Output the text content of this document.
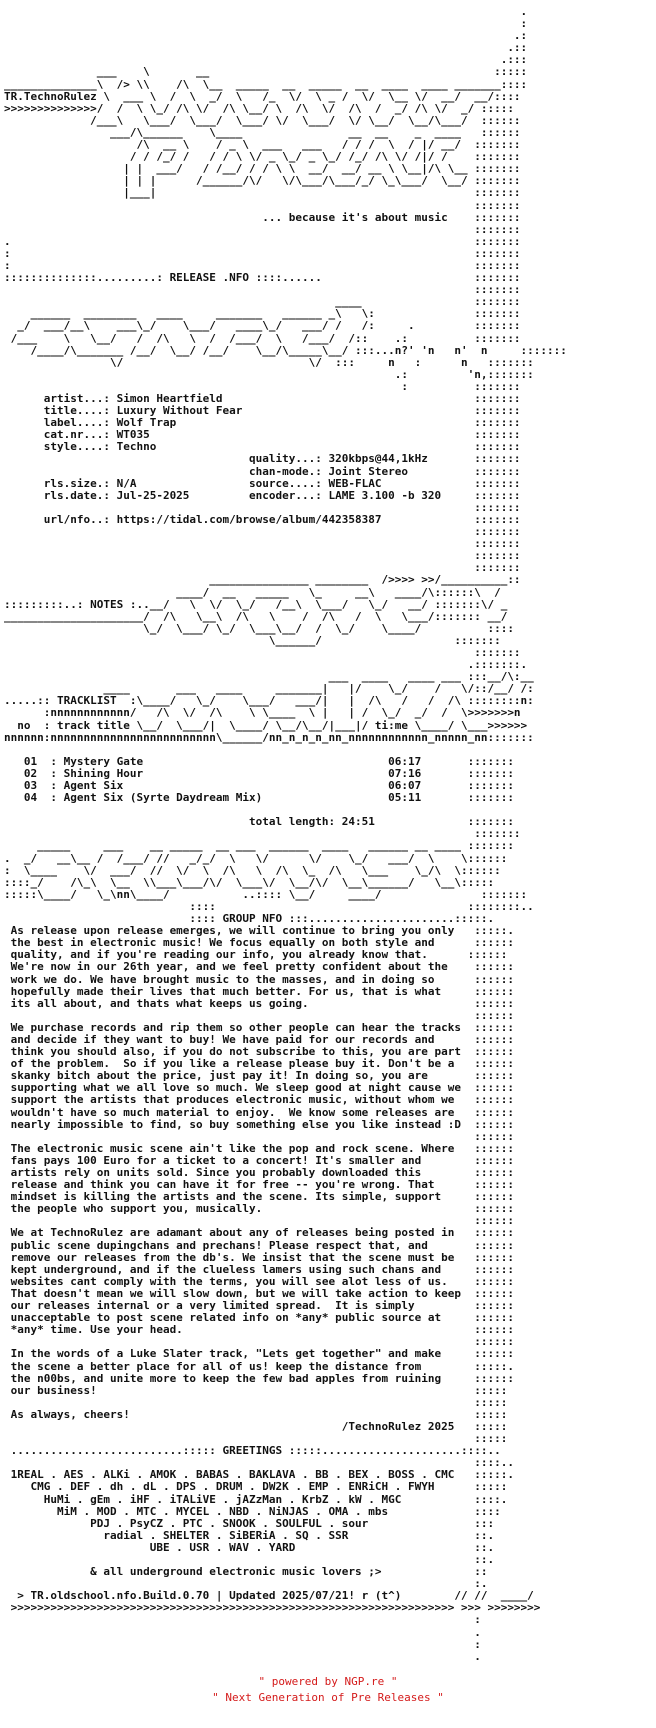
.
:
.:
.::
.:::
___    \       __                                           :::::
______________\  /> \\    /\  \__  _____  __  _____  __  ____  ____ _______::::
TR.TechnoRulez \  ___ \  /  \  _/  \   /_  \/  \ _ /  \/  \__ \/  __/  __/::::
>>>>>>>>>>>>>>/  /  \ \_/ /\ \/  /\ \__/ \  /\  \/  /\  /  _/ /\ \/  _/ :::::
/___\   \___/  \___/  \___/ \/  \___/  \/ \__/  \__/\___/  ::::::
___/\______    \____                __  __    _  ____   ::::::
/\  __ \    / _ \  ___   ___   / / /  \  / |/ __/  :::::::
/ / /_/ /   / / \ \/ _ \_/ _ \_/ /_/ /\ \/ /|/ /    :::::::
| |  ___/   / /__/ / / \ \  __/  __/ __ \ \__|/\ \__ :::::::
| | |      /______/\/   \/\___/\___/_/ \_\___/  \__/ :::::::
|___|                                                :::::::
:::::::
... because it's about music    :::::::
:::::::
.                                                                      :::::::
:                                                                      :::::::
:                                                                      :::::::
::::::::::::::.........: RELEASE .NFO ::::......                       :::::::
:::::::
____                 :::::::
______  ________   ____     _______   ______ _\   \:               :::::::
_/  ___/__\    ___\_/    \___/   ____\_/   ___/ /   /:     .         :::::::
/___    \   \__/   /  /\   \  /  /___/  \   /___/  /::    .:          :::::::
/____/\_______ /__/  \__/ /__/    \__/\_____\__/ :::...n?' 'n   n'  n     :::::::
\/                            \/  :::     n   :      n   :::::::
.:         'n,:::::::
:          :::::::
artist...: Simon Heartfield                                      :::::::
title....: Luxury Without Fear                                   :::::::
label....: Wolf Trap                                             :::::::
cat.nr...: WT035                                                 :::::::
style....: Techno                                                :::::::
quality...: 320kbps@44,1kHz       :::::::
chan-mode.: Joint Stereo          :::::::
rls.size.: N/A                 source....: WEB-FLAC              :::::::
rls.date.: Jul-25-2025         encoder...: LAME 3.100 -b 320     :::::::
:::::::
url/nfo..: https://tidal.com/browse/album/442358387              :::::::
:::::::
:::::::
:::::::
:::::::
_______________ ________  />>>> >>/__________::
____/  __   _____   \_     __\   ____/\::::::\  /
:::::::::..: NOTES :..__/   \  \/  \_/   /__\  \___/   \_/   __/ :::::::\/ _
_____________________/  /\   \__\  /\   \    /  /\   /  \   \___/::::::: __/
\_/  \___/ \_/  \___\__/  /  \_/    \____/          ::::
\______/                    :::::::
:::::::
.:::::::.
___  ____   ____ ___ :::__/\:__
____       ___   ____     _______|   |/    \_/    /   \/::/__/ /:
.....:: TRACKLIST  :\____/   \_/    \___/   ___/|   |  /\   /   /  /\ ::::::::n:
:nnnnnnnnnnnn/   /\  \/  /\    \ \____  \ |   | /  \_/  _/  /  \>>>>>>>n
no  : track title \__/  \___/|  \____/ \__/\__/|___|/ ti:me \____/ \___>>>>>>
nnnnnn:nnnnnnnnnnnnnnnnnnnnnnnnn\______/nn_n_n_n_nn_nnnnnnnnnnnn_nnnnn_nn:::::::

01  : Mystery Gate                                     06:17       :::::::
02  : Shining Hour                                     07:16       :::::::
03  : Agent Six                                        06:07       :::::::
04  : Agent Six (Syrte Daydream Mix)                   05:11       :::::::

total length: 24:51              :::::::
:::::::
_____     ___    __ _____  __ ___  ______  ____   ______ __ ____ :::::::
.  _/   __\__ /  /___/ //   _/_/  \   \/      \/    \_/   ___/  \    \::::::
:  \____    \/  ___/  //  \/  \  /\   \  /\  \_  /\   \___    \_/\  \::::::
::::_/    /\_\  \__  \\___\___/\/  \___\/  \__/\/  \__\______/   \__\:::::
:::::\____/   \_\nn\____/           ..:::: \__/     ____/               :::::::
::::                                      ::::::::..
:::: GROUP NFO :::......................:::::.
As release upon release emerges, we will continue to bring you only   :::::.
the best in electronic music! We focus equally on both style and      ::::::
quality, and if you're reading our info, you already know that.      ::::::
We're now in our 26th year, and we feel pretty confident about the    ::::::
work we do. We have brought music to the masses, and in doing so      ::::::
hopefully made their lives that much better. For us, that is what     ::::::
its all about, and thats what keeps us going.                         ::::::
::::::
We purchase records and rip them so other people can hear the tracks  ::::::
and decide if they want to buy! We have paid for our records and      ::::::
think you should also, if you do not subscribe to this, you are part  ::::::
of the problem.  So if you like a release please buy it. Don't be a   ::::::
skanky bitch about the price, just pay it! In doing so, you are       ::::::
supporting what we all love so much. We sleep good at night cause we  ::::::
support the artists that produces electronic music, without whom we   ::::::
wouldn't have so much material to enjoy.  We know some releases are   ::::::
nearly impossible to find, so buy something else you like instead :D  ::::::
::::::
The electronic music scene ain't like the pop and rock scene. Where   ::::::
fans pays 100 Euro for a ticket to a concert! It's smaller and        ::::::
artists rely on units sold. Since you probably downloaded this        ::::::
release and think you can have it for free -- you're wrong. That      ::::::
mindset is killing the artists and the scene. Its simple, support     ::::::
the people who support you, musically.                                ::::::
::::::
We at TechnoRulez are adamant about any of releases being posted in   ::::::
public scene dupingchans and prechans! Please respect that, and       ::::::
remove our releases from the db's. We insist that the scene must be   ::::::
kept underground, and if the clueless lamers using such chans and     ::::::
websites cant comply with the terms, you will see alot less of us.    ::::::
That doesn't mean we will slow down, but we will take action to keep  ::::::
our releases internal or a very limited spread.  It is simply         ::::::
unacceptable to post scene related info on *any* public source at     ::::::
*any* time. Use your head.                                            ::::::
::::::
In the words of a Luke Slater track, "Lets get together" and make     ::::::
the scene a better place for all of us! keep the distance from        :::::.
the n00bs, and unite more to keep the few bad apples from ruining     ::::::
our business!                                                         :::::
:::::
As always, cheers!                                                    :::::
/TechnoRulez 2025   :::::
:::::
..........................::::: GREETINGS :::::.....................::::..
::::..
1REAL . AES . ALKi . AMOK . BABAS . BAKLAVA . BB . BEX . BOSS . CMC   :::::.
CMG . DEF . dh . dL . DPS . DRUM . DW2K . EMP . ENRiCH . FWYH      :::::
HuMi . gEm . iHF . iTALiVE . jAZzMan . KrbZ . kW . MGC           ::::.
MiM . MOD . MTC . MYCEL . NBD . NiNJAS . OMA . mbs             ::::
PDJ . PsyCZ . PTC . SNOOK . SOULFUL . sour                :::
radial . SHELTER . SiBERiA . SQ . SSR                   ::.
UBE . USR . WAV . YARD                           ::.
::.
& all underground electronic music lovers ;>              ::
:.
> TR.oldschool.nfo.Build.0.70 | Updated 2025/07/21! r (t^)        // //  ____/
>>>>>>>>>>>>>>>>>>>>>>>>>>>>>>>>>>>>>>>>>>>>>>>>>>>>>>>>>>>>>>>>>>> >>> >>>>>>>>
:
.
:
.
" powered by NGP.re "
" Next Generation of Pre Releases "
